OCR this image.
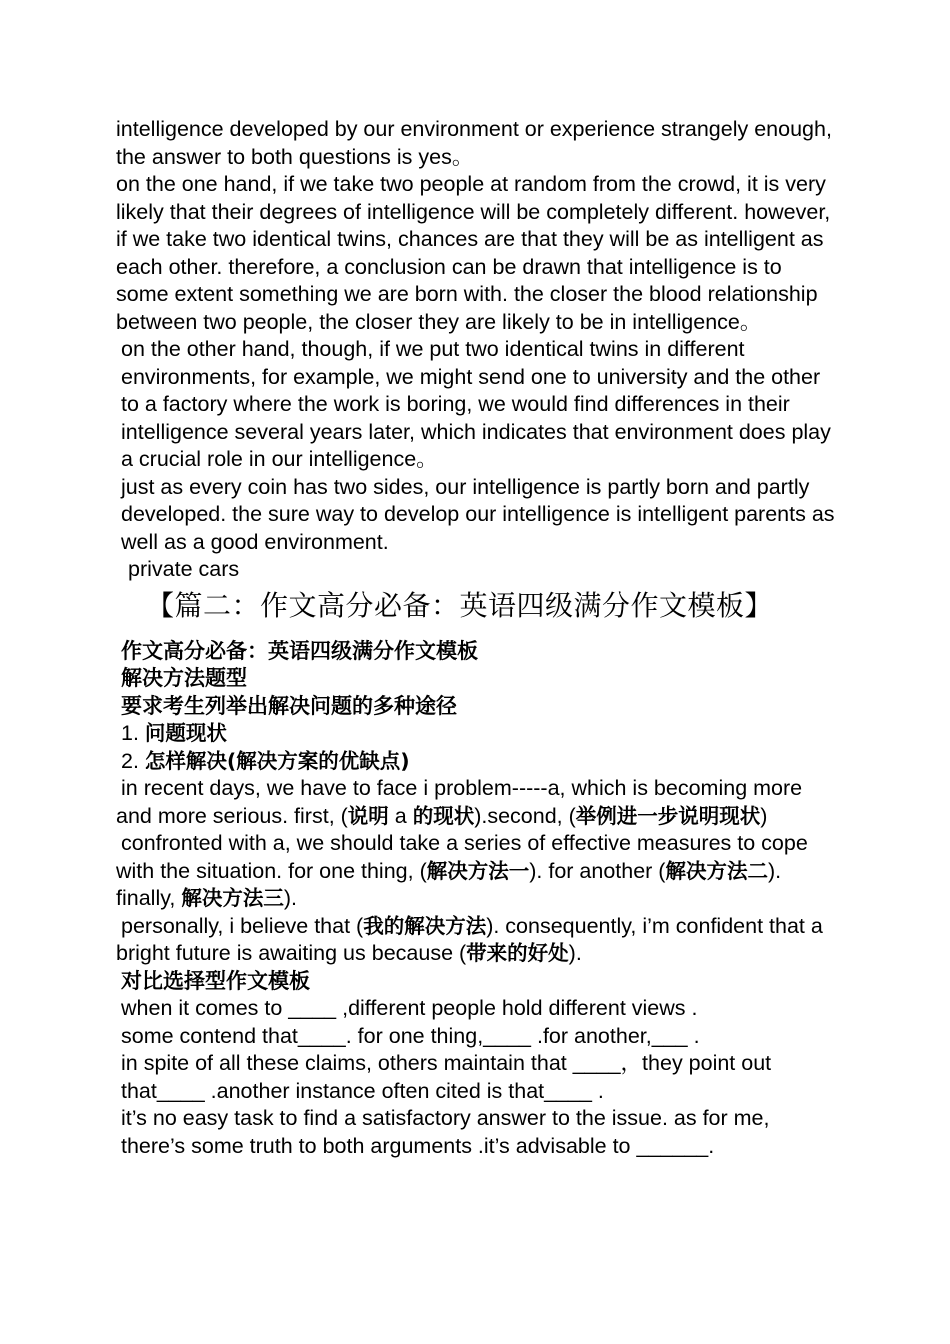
intelligence developed by our environment or experience strangely enough, the answer to both questions is yes。

on the one hand, if we take two people at random from the crowd, it is very likely that their degrees of intelligence will be completely different. however, if we take two identical twins, chances are that they will be as intelligent as each other. therefore, a conclusion can be drawn that intelligence is to some extent something we are born with. the closer the blood relationship between two people, the closer they are likely to be in intelligence。

on the other hand, though, if we put two identical twins in different environments, for example, we might send one to university and the other to a factory where the work is boring, we would find differences in their intelligence several years later, which indicates that environment does play a crucial role in our intelligence。

just as every coin has two sides, our intelligence is partly born and partly developed. the sure way to develop our intelligence is intelligent parents as well as a good environment.

private cars

【篇二：作文高分必备：英语四级满分作文模板】

作文高分必备：英语四级满分作文模板

解决方法题型

要求考生列举出解决问题的多种途径

1. 问题现状

2. 怎样解决(解决方案的优缺点)

in recent days, we have to face i problem-----a, which is becoming more and more serious. first, (说明 a 的现状).second, (举例进一步说明现状)

confronted with a, we should take a series of effective measures to cope with the situation. for one thing, (解决方法一). for another (解决方法二). finally, 解决方法三).

personally, i believe that (我的解决方法). consequently, i’m confident that a bright future is awaiting us because (带来的好处).

对比选择型作文模板

when it comes to ____ ,different people hold different views .

some contend that____. for one thing,____ .for another,___ .

in spite of all these claims, others maintain that ____，they point out that____ .another instance often cited is that____ .

it’s no easy task to find a satisfactory answer to the issue. as for me, there’s some truth to both arguments .it’s advisable to ______.
